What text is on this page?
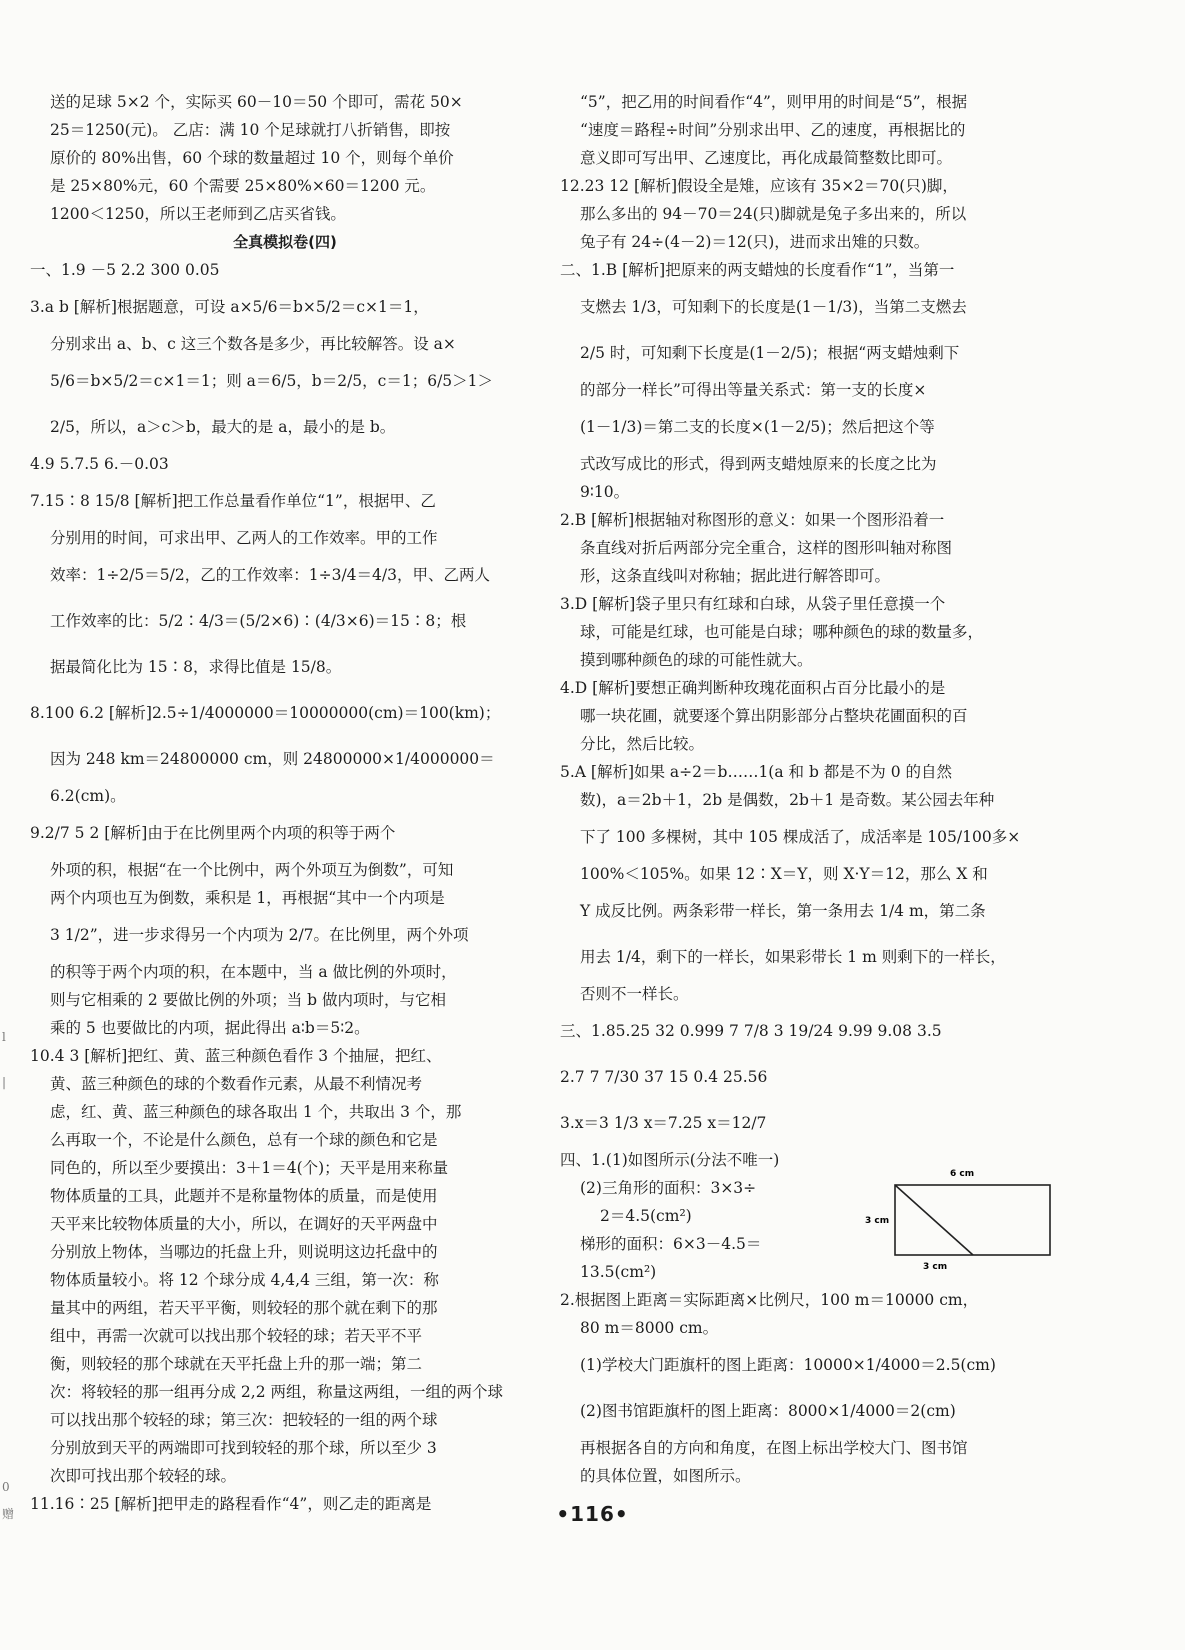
送的足球 5×2 个，实际买 60－10＝50 个即可，需花 50×
25＝1250(元)。 乙店：满 10 个足球就打八折销售，即按
原价的 80%出售，60 个球的数量超过 10 个，则每个单价
是 25×80%元，60 个需要 25×80%×60＝1200 元。
1200＜1250，所以王老师到乙店买省钱。
全真模拟卷(四)
一、1.9 －5 2.2 300 0.05
3.a b [解析]根据题意，可设 a×5/6＝b×5/2＝c×1＝1，
分别求出 a、b、c 这三个数各是多少，再比较解答。设 a×
5/6＝b×5/2＝c×1＝1；则 a＝6/5，b＝2/5，c＝1；6/5＞1＞
2/5，所以，a＞c＞b，最大的是 a，最小的是 b。
4.9 5.7.5 6.－0.03
7.15∶8 15/8 [解析]把工作总量看作单位“1”，根据甲、乙
分别用的时间，可求出甲、乙两人的工作效率。甲的工作
效率：1÷2/5＝5/2，乙的工作效率：1÷3/4＝4/3，甲、乙两人
工作效率的比：5/2∶4/3＝(5/2×6)∶(4/3×6)＝15∶8；根
据最简化比为 15∶8，求得比值是 15/8。
8.100 6.2 [解析]2.5÷1/4000000＝10000000(cm)＝100(km)；
因为 248 km＝24800000 cm，则 24800000×1/4000000＝
6.2(cm)。
9.2/7 5 2 [解析]由于在比例里两个内项的积等于两个
外项的积，根据“在一个比例中，两个外项互为倒数”，可知
两个内项也互为倒数，乘积是 1，再根据“其中一个内项是
3 1/2”，进一步求得另一个内项为 2/7。在比例里，两个外项
的积等于两个内项的积，在本题中，当 a 做比例的外项时，
则与它相乘的 2 要做比例的外项；当 b 做内项时，与它相
乘的 5 也要做比的内项，据此得出 a∶b＝5∶2。
10.4 3 [解析]把红、黄、蓝三种颜色看作 3 个抽屉，把红、
黄、蓝三种颜色的球的个数看作元素，从最不利情况考
虑，红、黄、蓝三种颜色的球各取出 1 个，共取出 3 个，那
么再取一个，不论是什么颜色，总有一个球的颜色和它是
同色的，所以至少要摸出：3＋1＝4(个)；天平是用来称量
物体质量的工具，此题并不是称量物体的质量，而是使用
天平来比较物体质量的大小，所以，在调好的天平两盘中
分别放上物体，当哪边的托盘上升，则说明这边托盘中的
物体质量较小。将 12 个球分成 4,4,4 三组，第一次：称
量其中的两组，若天平平衡，则较轻的那个就在剩下的那
组中，再需一次就可以找出那个较轻的球；若天平不平
衡，则较轻的那个球就在天平托盘上升的那一端；第二
次：将较轻的那一组再分成 2,2 两组，称量这两组，一组的两个球
可以找出那个较轻的球；第三次：把较轻的一组的两个球
分别放到天平的两端即可找到较轻的那个球，所以至少 3
次即可找出那个较轻的球。
11.16∶25 [解析]把甲走的路程看作“4”，则乙走的距离是
“5”，把乙用的时间看作“4”，则甲用的时间是“5”，根据
“速度＝路程÷时间”分别求出甲、乙的速度，再根据比的
意义即可写出甲、乙速度比，再化成最简整数比即可。
12.23 12 [解析]假设全是雉，应该有 35×2＝70(只)脚，
那么多出的 94－70＝24(只)脚就是兔子多出来的，所以
兔子有 24÷(4－2)＝12(只)，进而求出雉的只数。
二、1.B [解析]把原来的两支蜡烛的长度看作“1”，当第一
支燃去 1/3，可知剩下的长度是(1－1/3)，当第二支燃去
2/5 时，可知剩下长度是(1－2/5)；根据“两支蜡烛剩下
的部分一样长”可得出等量关系式：第一支的长度×
(1－1/3)＝第二支的长度×(1－2/5)；然后把这个等
式改写成比的形式，得到两支蜡烛原来的长度之比为
9∶10。
2.B [解析]根据轴对称图形的意义：如果一个图形沿着一
条直线对折后两部分完全重合，这样的图形叫轴对称图
形，这条直线叫对称轴；据此进行解答即可。
3.D [解析]袋子里只有红球和白球，从袋子里任意摸一个
球，可能是红球，也可能是白球；哪种颜色的球的数量多，
摸到哪种颜色的球的可能性就大。
4.D [解析]要想正确判断种玫瑰花面积占百分比最小的是
哪一块花圃，就要逐个算出阴影部分占整块花圃面积的百
分比，然后比较。
5.A [解析]如果 a÷2＝b……1(a 和 b 都是不为 0 的自然
数)，a＝2b＋1，2b 是偶数，2b＋1 是奇数。某公园去年种
下了 100 多棵树，其中 105 棵成活了，成活率是 105/100多×
100%＜105%。如果 12∶X＝Y，则 X·Y＝12，那么 X 和
Y 成反比例。两条彩带一样长，第一条用去 1/4 m，第二条
用去 1/4，剩下的一样长，如果彩带长 1 m 则剩下的一样长，
否则不一样长。
三、1.85.25 32 0.999 7 7/8 3 19/24 9.99 9.08 3.5
2.7 7 7/30 37 15 0.4 25.56
3.x＝3 1/3 x＝7.25 x＝12/7
四、1.(1)如图所示(分法不唯一)
(2)三角形的面积：3×3÷
2＝4.5(cm²)
梯形的面积：6×3－4.5＝
13.5(cm²)
2.根据图上距离＝实际距离×比例尺，100 m＝10000 cm，
80 m＝8000 cm。
(1)学校大门距旗杆的图上距离：10000×1/4000＝2.5(cm)
(2)图书馆距旗杆的图上距离：8000×1/4000＝2(cm)
再根据各自的方向和角度，在图上标出学校大门、图书馆
的具体位置，如图所示。
6 cm
3 cm
3 cm
l
|
0
赠	•116•
